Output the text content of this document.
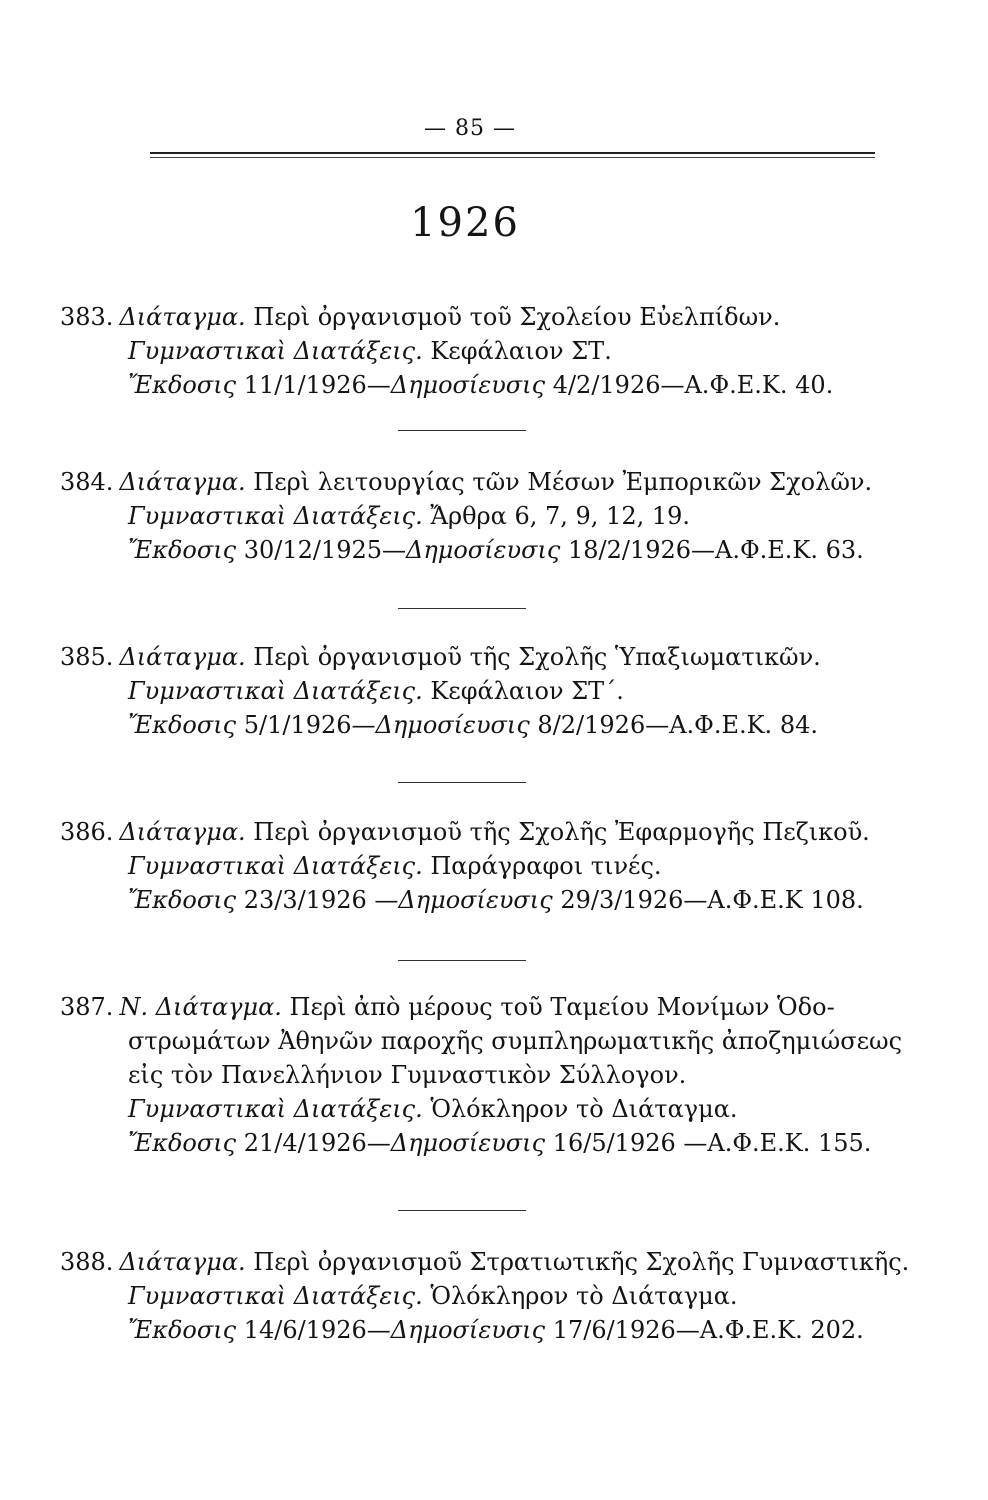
— 85 —
1926
383. Διάταγμα. Περὶ ὀργανισμοῦ τοῦ Σχολείου Εὐελπίδων.
Γυμναστικαὶ Διατάξεις. Κεφάλαιον ΣΤ.
Ἔκδοσις 11/1/1926—Δημοσίευσις 4/2/1926—Α.Φ.Ε.Κ. 40.
384. Διάταγμα. Περὶ λειτουργίας τῶν Μέσων Ἐμπορικῶν Σχολῶν.
Γυμναστικαὶ Διατάξεις. Ἄρθρα 6, 7, 9, 12, 19.
Ἔκδοσις 30/12/1925—Δημοσίευσις 18/2/1926—Α.Φ.Ε.Κ. 63.
385. Διάταγμα. Περὶ ὀργανισμοῦ τῆς Σχολῆς Ὑπαξιωματικῶν.
Γυμναστικαὶ Διατάξεις. Κεφάλαιον ΣΤ΄.
Ἔκδοσις 5/1/1926—Δημοσίευσις 8/2/1926—Α.Φ.Ε.Κ. 84.
386. Διάταγμα. Περὶ ὀργανισμοῦ τῆς Σχολῆς Ἐφαρμογῆς Πεζικοῦ.
Γυμναστικαὶ Διατάξεις. Παράγραφοι τινές.
Ἔκδοσις 23/3/1926 —Δημοσίευσις 29/3/1926—Α.Φ.Ε.Κ 108.
387. Ν. Διάταγμα. Περὶ ἀπὸ μέρους τοῦ Ταμείου Μονίμων Ὁδο-
στρωμάτων Ἀθηνῶν παροχῆς συμπληρωματικῆς ἀποζημιώσεως
εἰς τὸν Πανελλήνιον Γυμναστικὸν Σύλλογον.
Γυμναστικαὶ Διατάξεις. Ὁλόκληρον τὸ Διάταγμα.
Ἔκδοσις 21/4/1926—Δημοσίευσις 16/5/1926 —Α.Φ.Ε.Κ. 155.
388. Διάταγμα. Περὶ ὀργανισμοῦ Στρατιωτικῆς Σχολῆς Γυμναστικῆς.
Γυμναστικαὶ Διατάξεις. Ὁλόκληρον τὸ Διάταγμα.
Ἔκδοσις 14/6/1926—Δημοσίευσις 17/6/1926—Α.Φ.Ε.Κ. 202.
